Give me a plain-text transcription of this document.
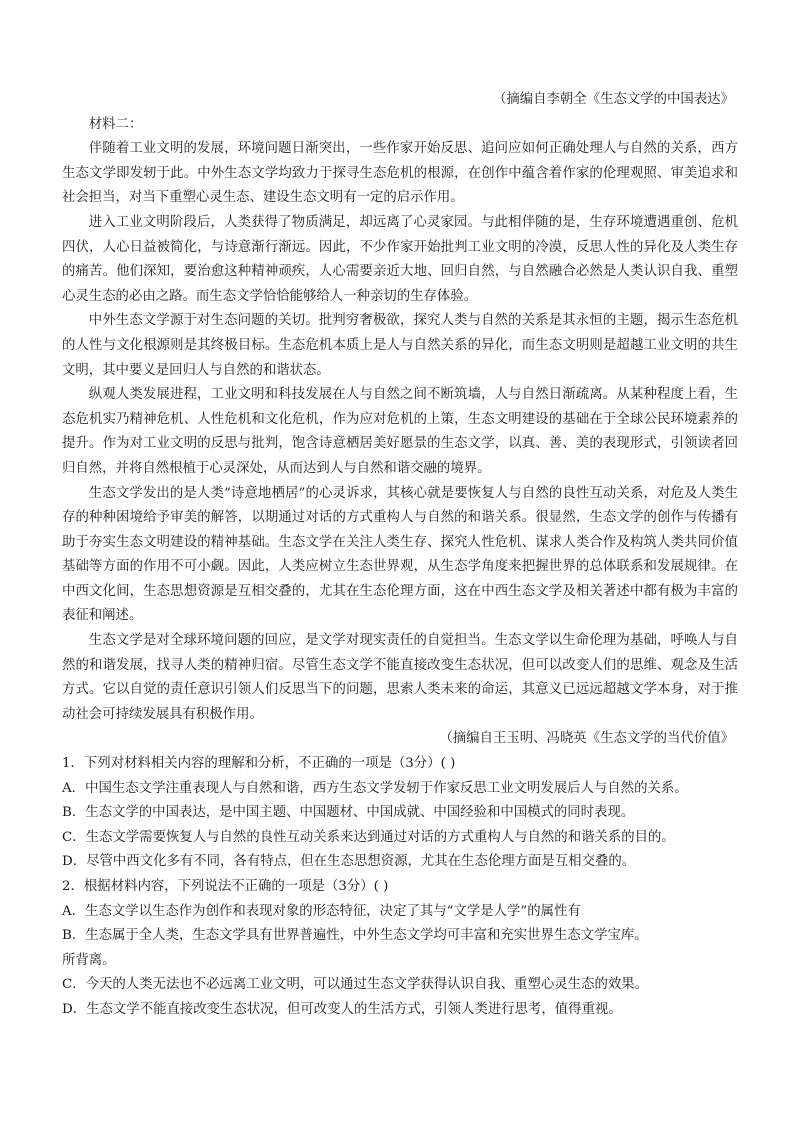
（摘编自李朝全《生态文学的中国表达》
材料二：

伴随着工业文明的发展，环境问题日渐突出，一些作家开始反思、追问应如何正确处理人与自然的关系，西方生态文学即发轫于此。中外生态文学均致力于探寻生态危机的根源，在创作中蕴含着作家的伦理观照、审美追求和社会担当，对当下重塑心灵生态、建设生态文明有一定的启示作用。

进入工业文明阶段后，人类获得了物质满足，却远离了心灵家园。与此相伴随的是，生存环境遭遇重创、危机四伏，人心日益被简化，与诗意渐行渐远。因此，不少作家开始批判工业文明的冷漠，反思人性的异化及人类生存的痛苦。他们深知，要治愈这种精神顽疾，人心需要亲近大地、回归自然，与自然融合必然是人类认识自我、重塑心灵生态的必由之路。而生态文学恰恰能够给人一种亲切的生存体验。

中外生态文学源于对生态问题的关切。批判穷奢极欲，探究人类与自然的关系是其永恒的主题，揭示生态危机的人性与文化根源则是其终极目标。生态危机本质上是人与自然关系的异化，而生态文明则是超越工业文明的共生文明，其中要义是回归人与自然的和谐状态。

纵观人类发展进程，工业文明和科技发展在人与自然之间不断筑墙，人与自然日渐疏离。从某种程度上看，生态危机实乃精神危机、人性危机和文化危机，作为应对危机的上策，生态文明建设的基础在于全球公民环境素养的提升。作为对工业文明的反思与批判，饱含诗意栖居美好愿景的生态文学，以真、善、美的表现形式，引领读者回归自然，并将自然根植于心灵深处，从而达到人与自然和谐交融的境界。

生态文学发出的是人类“诗意地栖居”的心灵诉求，其核心就是要恢复人与自然的良性互动关系，对危及人类生存的种种困境给予审美的解答，以期通过对话的方式重构人与自然的和谐关系。很显然，生态文学的创作与传播有助于夯实生态文明建设的精神基础。生态文学在关注人类生存、探究人性危机、谋求人类合作及构筑人类共同价值基础等方面的作用不可小觑。因此，人类应树立生态世界观，从生态学角度来把握世界的总体联系和发展规律。在中西文化间，生态思想资源是互相交叠的，尤其在生态伦理方面，这在中西生态文学及相关著述中都有极为丰富的表征和阐述。

生态文学是对全球环境问题的回应，是文学对现实责任的自觉担当。生态文学以生命伦理为基础，呼唤人与自然的和谐发展，找寻人类的精神归宿。尽管生态文学不能直接改变生态状况，但可以改变人们的思维、观念及生活方式。它以自觉的责任意识引领人们反思当下的问题，思索人类未来的命运，其意义已远远超越文学本身，对于推动社会可持续发展具有积极作用。

（摘编自王玉明、冯晓英《生态文学的当代价值》

1．下列对材料相关内容的理解和分析，不正确的一项是（3分）( )

A．中国生态文学注重表现人与自然和谐，西方生态文学发轫于作家反思工业文明发展后人与自然的关系。

B．生态文学的中国表达，是中国主题、中国题材、中国成就、中国经验和中国模式的同时表现。

C．生态文学需要恢复人与自然的良性互动关系来达到通过对话的方式重构人与自然的和谐关系的目的。

D．尽管中西文化多有不同，各有特点，但在生态思想资源，尤其在生态伦理方面是互相交叠的。

2．根据材料内容，下列说法不正确的一项是（3分）( )

A．生态文学以生态作为创作和表现对象的形态特征，决定了其与“文学是人学”的属性有

B．生态属于全人类，生态文学具有世界普遍性，中外生态文学均可丰富和充实世界生态文学宝库。

所背离。

C．今天的人类无法也不必远离工业文明，可以通过生态文学获得认识自我、重塑心灵生态的效果。

D．生态文学不能直接改变生态状况，但可改变人的生活方式，引领人类进行思考，值得重视。
